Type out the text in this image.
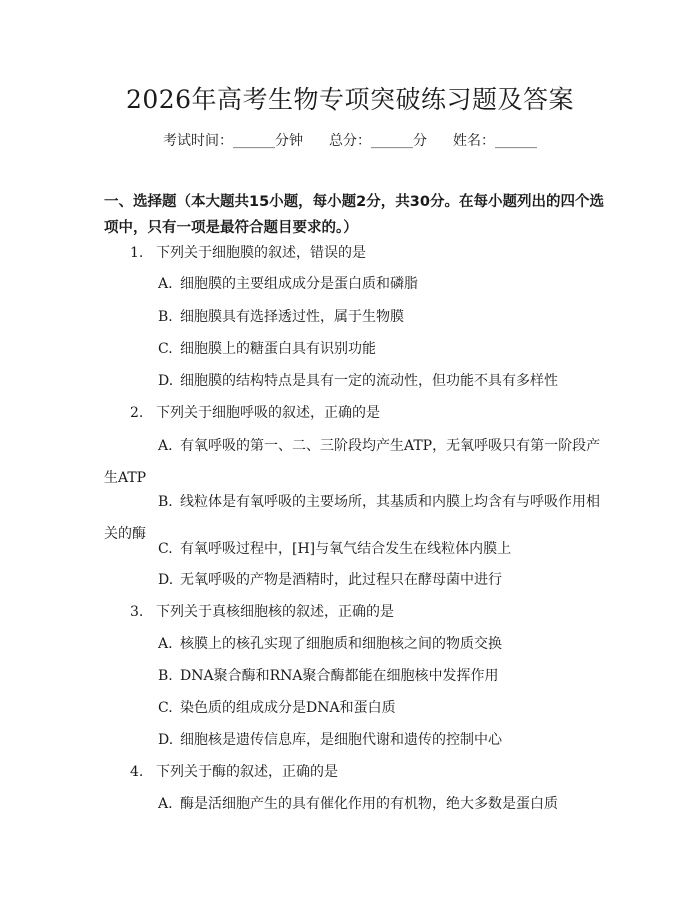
2026年高考生物专项突破练习题及答案
考试时间：______分钟 总分：______分 姓名：______
一、选择题（本大题共15小题，每小题2分，共30分。在每小题列出的四个选项中，只有一项是最符合题目要求的。）
1. 下列关于细胞膜的叙述，错误的是
A. 细胞膜的主要组成成分是蛋白质和磷脂
B. 细胞膜具有选择透过性，属于生物膜
C. 细胞膜上的糖蛋白具有识别功能
D. 细胞膜的结构特点是具有一定的流动性，但功能不具有多样性
2. 下列关于细胞呼吸的叙述，正确的是
A. 有氧呼吸的第一、二、三阶段均产生ATP，无氧呼吸只有第一阶段产生ATP
B. 线粒体是有氧呼吸的主要场所，其基质和内膜上均含有与呼吸作用相关的酶
C. 有氧呼吸过程中，[H]与氧气结合发生在线粒体内膜上
D. 无氧呼吸的产物是酒精时，此过程只在酵母菌中进行
3. 下列关于真核细胞核的叙述，正确的是
A. 核膜上的核孔实现了细胞质和细胞核之间的物质交换
B. DNA聚合酶和RNA聚合酶都能在细胞核中发挥作用
C. 染色质的组成成分是DNA和蛋白质
D. 细胞核是遗传信息库，是细胞代谢和遗传的控制中心
4. 下列关于酶的叙述，正确的是
A. 酶是活细胞产生的具有催化作用的有机物，绝大多数是蛋白质
